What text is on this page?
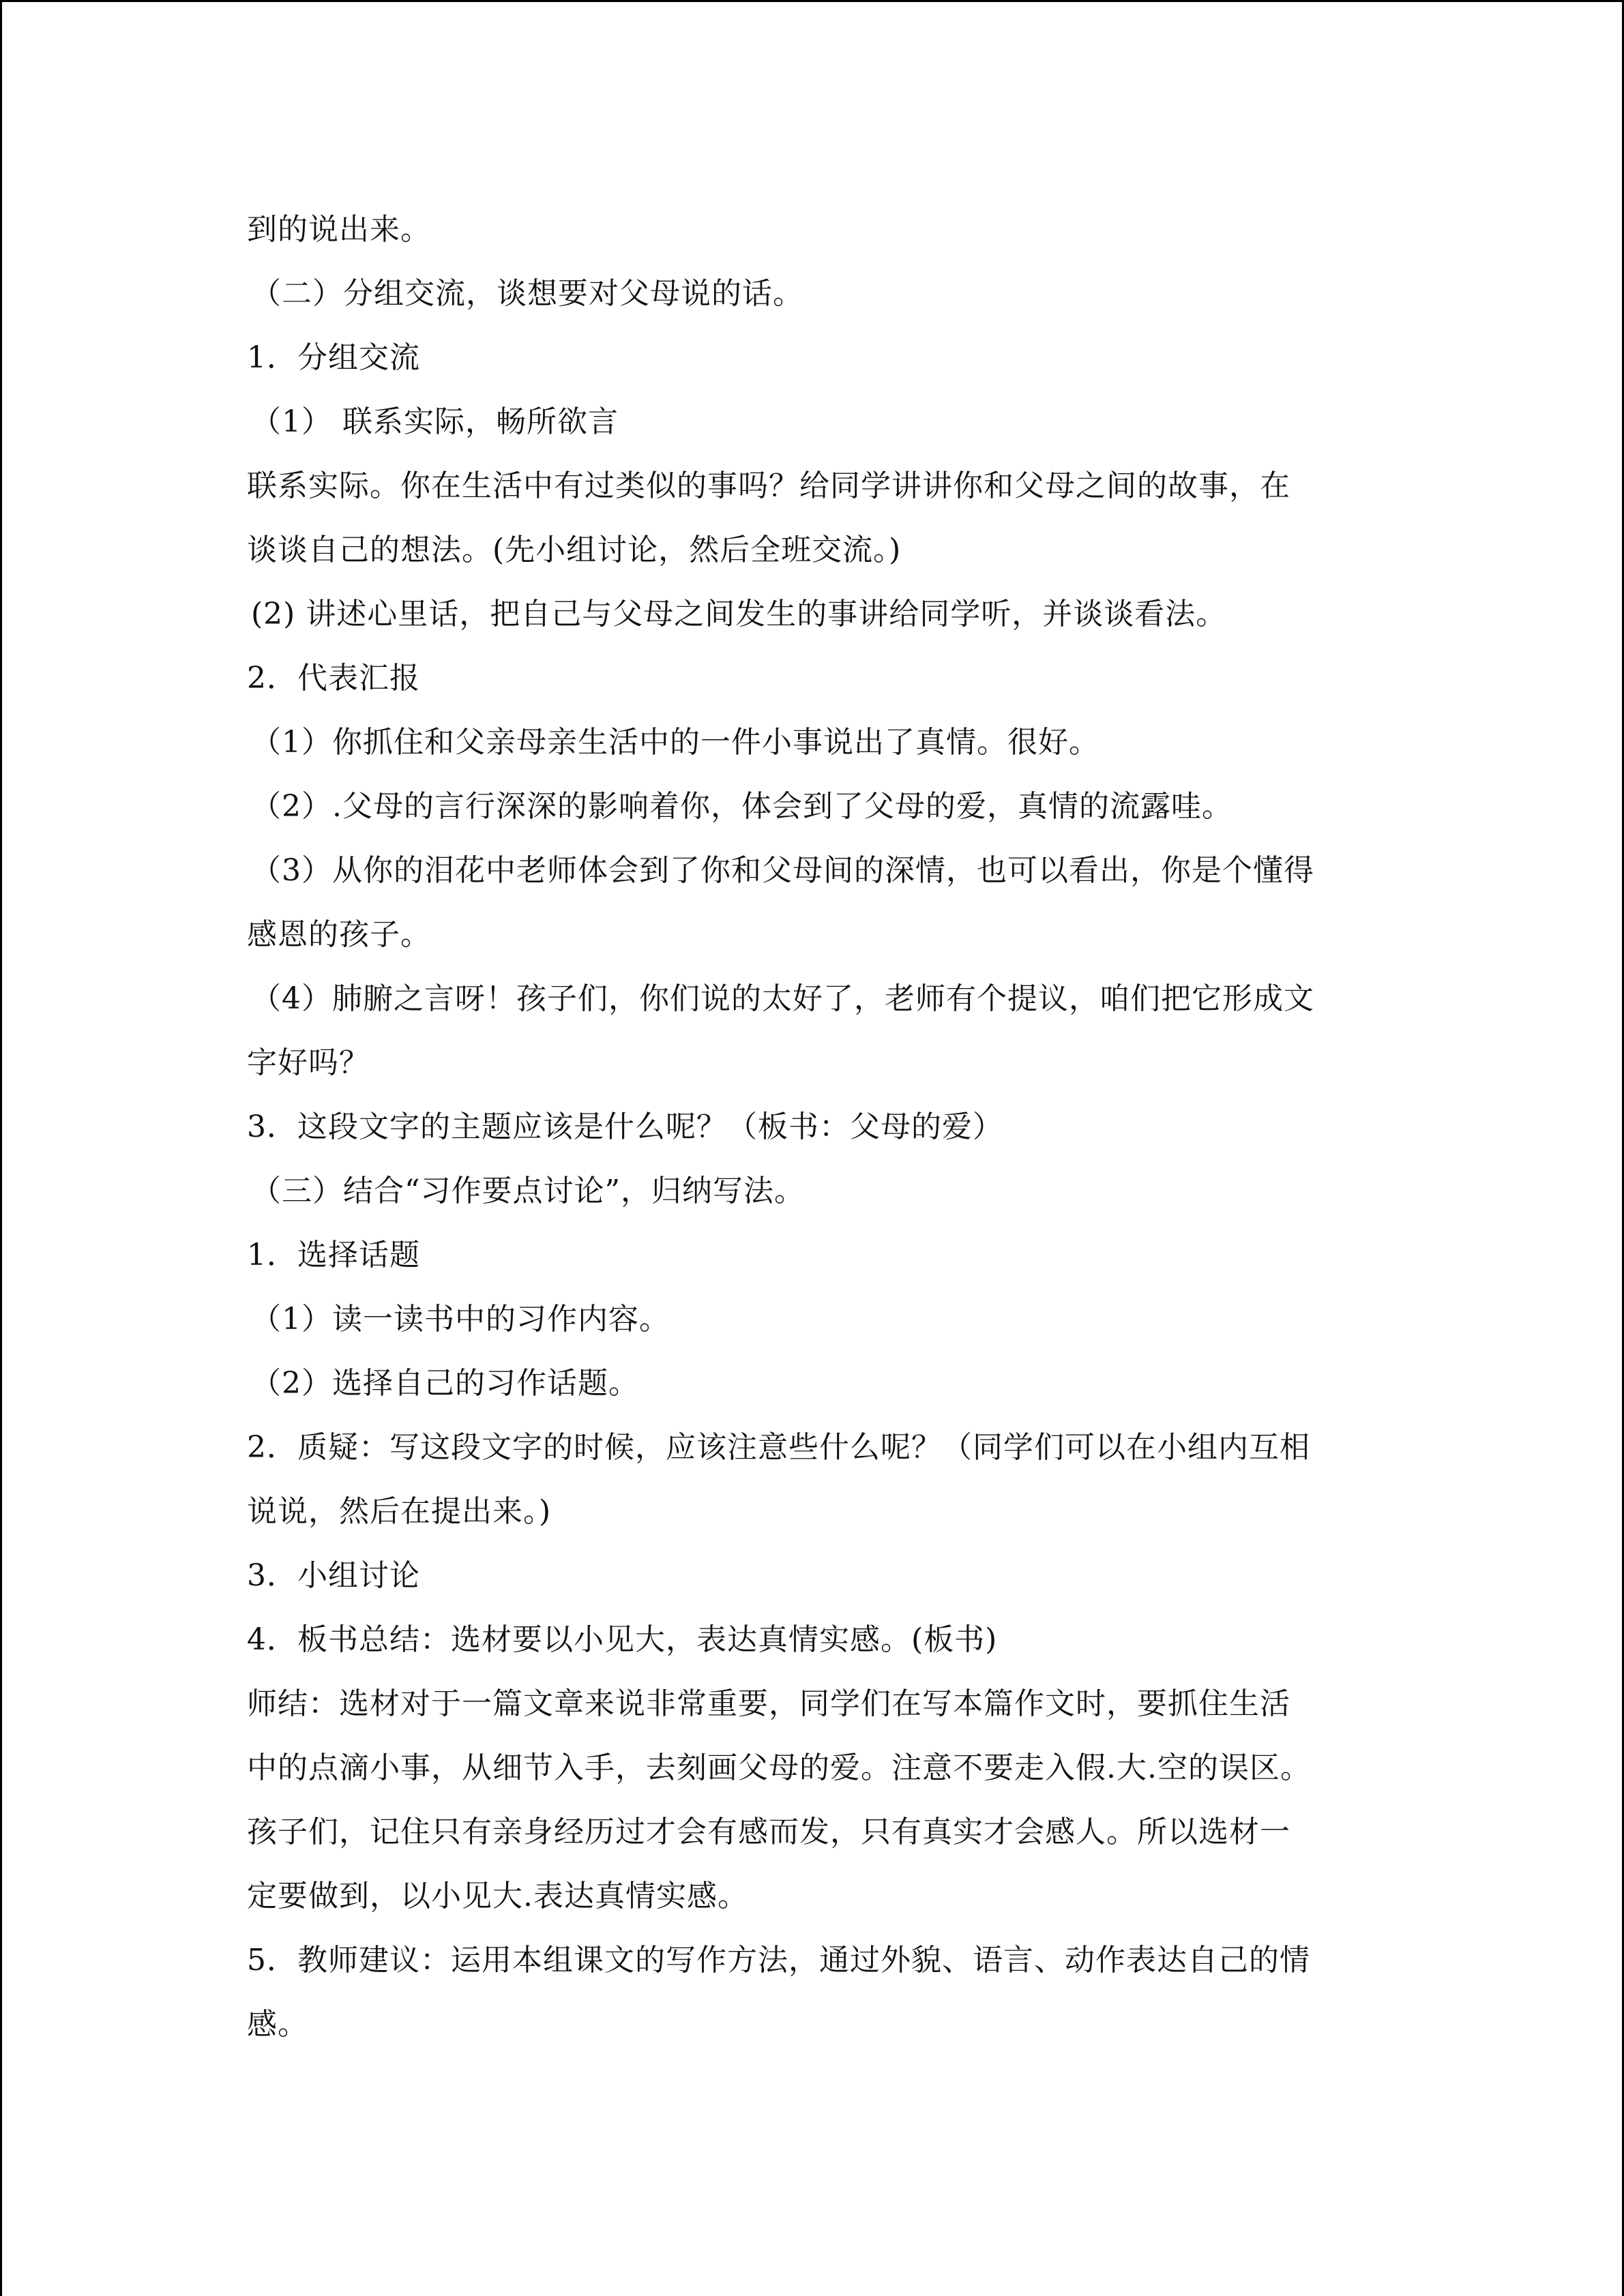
到的说出来。
（二）分组交流，谈想要对父母说的话。
1．分组交流
（1） 联系实际，畅所欲言
联系实际。你在生活中有过类似的事吗？给同学讲讲你和父母之间的故事，在
谈谈自己的想法。(先小组讨论，然后全班交流。)
(2) 讲述心里话，把自己与父母之间发生的事讲给同学听，并谈谈看法。
2．代表汇报
（1）你抓住和父亲母亲生活中的一件小事说出了真情。很好。
（2）.父母的言行深深的影响着你，体会到了父母的爱，真情的流露哇。
（3）从你的泪花中老师体会到了你和父母间的深情，也可以看出，你是个懂得
感恩的孩子。
（4）肺腑之言呀！孩子们，你们说的太好了，老师有个提议，咱们把它形成文
字好吗？
3．这段文字的主题应该是什么呢？（板书：父母的爱）
（三）结合“习作要点讨论”，归纳写法。
1．选择话题
（1）读一读书中的习作内容。
（2）选择自己的习作话题。
2．质疑：写这段文字的时候，应该注意些什么呢？（同学们可以在小组内互相
说说，然后在提出来。)
3．小组讨论
4．板书总结：选材要以小见大，表达真情实感。(板书)
师结：选材对于一篇文章来说非常重要，同学们在写本篇作文时，要抓住生活
中的点滴小事，从细节入手，去刻画父母的爱。注意不要走入假.大.空的误区。
孩子们，记住只有亲身经历过才会有感而发，只有真实才会感人。所以选材一
定要做到，以小见大.表达真情实感。
5．教师建议：运用本组课文的写作方法，通过外貌、语言、动作表达自己的情
感。
